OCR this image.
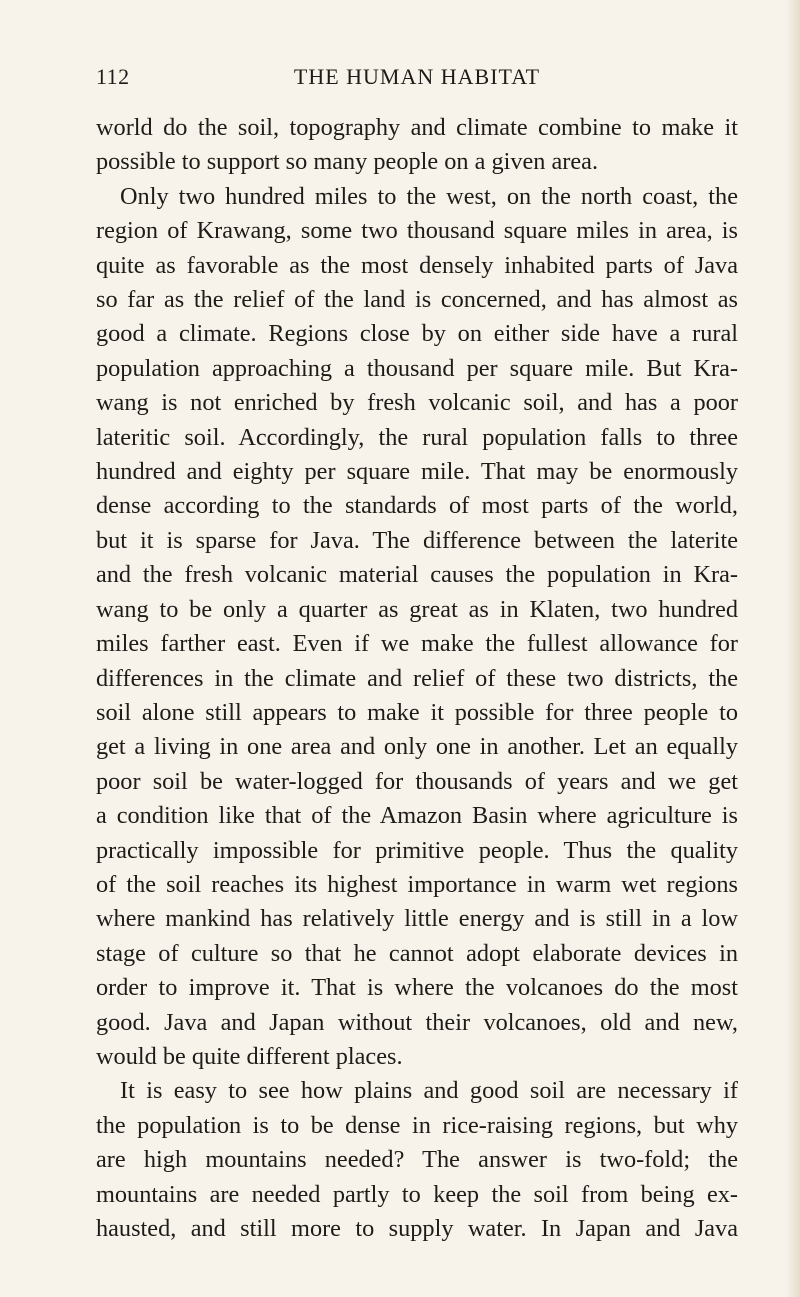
112	THE HUMAN HABITAT

world do the soil, topography and climate combine to make it
possible to support so many people on a given area.

Only two hundred miles to the west, on the north coast, the
region of Krawang, some two thousand square miles in area, is
quite as favorable as the most densely inhabited parts of Java
so far as the relief of the land is concerned, and has almost as
good a climate. Regions close by on either side have a rural
population approaching a thousand per square mile. But Kra-
wang is not enriched by fresh volcanic soil, and has a poor
lateritic soil. Accordingly, the rural population falls to three
hundred and eighty per square mile. That may be enormously
dense according to the standards of most parts of the world,
but it is sparse for Java. The difference between the laterite
and the fresh volcanic material causes the population in Kra-
wang to be only a quarter as great as in Klaten, two hundred
miles farther east. Even if we make the fullest allowance for
differences in the climate and relief of these two districts, the
soil alone still appears to make it possible for three people to
get a living in one area and only one in another. Let an equally
poor soil be water-logged for thousands of years and we get
a condition like that of the Amazon Basin where agriculture is
practically impossible for primitive people. Thus the quality
of the soil reaches its highest importance in warm wet regions
where mankind has relatively little energy and is still in a low
stage of culture so that he cannot adopt elaborate devices in
order to improve it. That is where the volcanoes do the most
good. Java and Japan without their volcanoes, old and new,
would be quite different places.

It is easy to see how plains and good soil are necessary if
the population is to be dense in rice-raising regions, but why
are high mountains needed? The answer is two-fold; the
mountains are needed partly to keep the soil from being ex-
hausted, and still more to supply water. In Japan and Java
